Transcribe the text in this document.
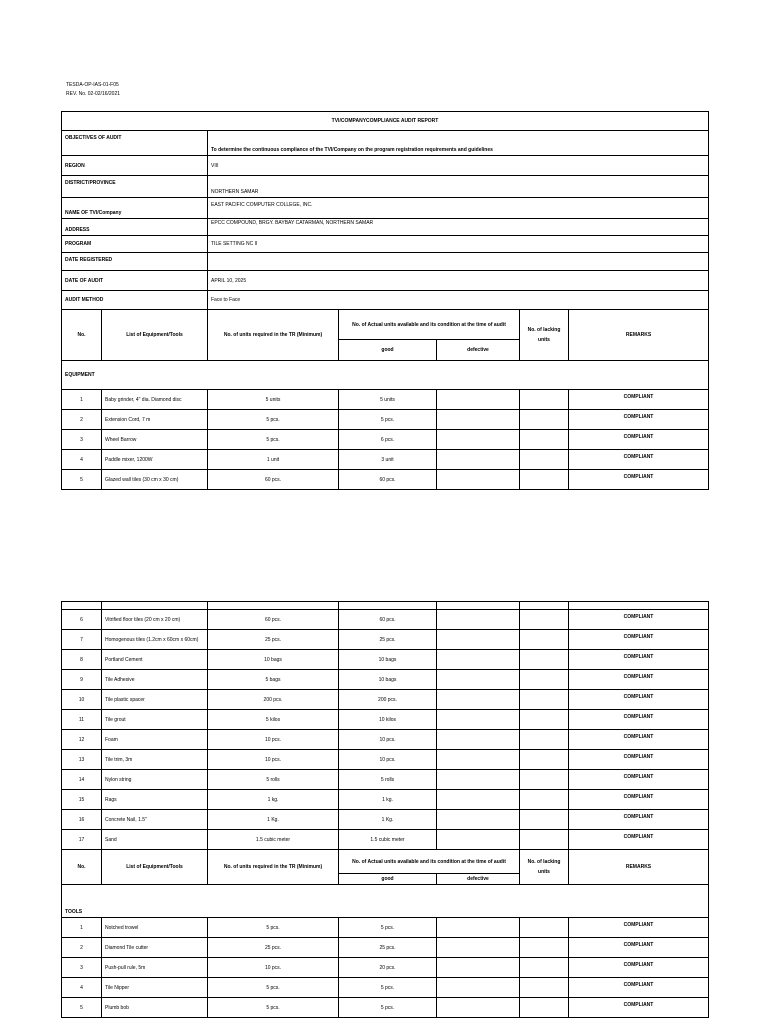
TESDA-OP-IAS-01-F05
REV. No. 02-02/16/2021
TVI/COMPANYCOMPLIANCE AUDIT REPORT						
OBJECTIVES OF AUDIT		To determine the continuous compliance of the TVI/Company on the program registration requirements and guidelines				
REGION		VIII				
DISTRICT/PROVINCE		NORTHERN SAMAR				
NAME OF TVI/Company		EAST PACIFIC COMPUTER COLLEGE, INC.				
ADDRESS		EPCC COMPOUND, BRGY. BAYBAY CATARMAN, NORTHERN SAMAR				
PROGRAM		TILE SETTING NC II				
DATE REGISTERED						
DATE OF AUDIT		APRIL 10, 2025				
AUDIT METHOD		Face to Face				
No.	List of Equipment/Tools	No. of units required in the TR (Minimum)	No. of Actual units available and its condition at the time of audit		No. of lacking units	REMARKS
			good	defective		
EQUIPMENT						
1	Baby grinder, 4" dia. Diamond disc	5 units	5 units			COMPLIANT
2	Extension Cord, 7 m	5 pcs.	5 pcs.			COMPLIANT
3	Wheel Barrow	5 pcs.	6 pcs.			COMPLIANT
4	Paddle mixer, 1200W	1 unit	3 unit			COMPLIANT
5	Glazed wall tiles (30 cm x 30 cm)	60 pcs.	60 pcs.			COMPLIANT

6	Vitrified floor tiles (20 cm x 20 cm)	60 pcs.	60 pcs.			COMPLIANT
7	Homogenous tiles (1.2cm x 60cm x 60cm)	25 pcs.	25 pcs.			COMPLIANT
8	Portland Cement	10 bags	10 bags			COMPLIANT
9	Tile Adhesive	5 bags	10 bags			COMPLIANT
10	Tile plastic spacer	200 pcs.	200 pcs.			COMPLIANT
11	Tile grout	5 kilos	10 kilos			COMPLIANT
12	Foam	10 pcs.	10 pcs.			COMPLIANT
13	Tile trim, 3m	10 pcs.	10 pcs.			COMPLIANT
14	Nylon string	5 rolls	5 rolls			COMPLIANT
15	Rags	1 kg.	1 kg.			COMPLIANT
16	Concrete Nail, 1.5"	1 Kg.	1 Kg.			COMPLIANT
17	Sand	1.5 cubic meter	1.5 cubic meter			COMPLIANT
No.	List of Equipment/Tools	No. of units required in the TR (Minimum)	No. of Actual units available and its condition at the time of audit		No. of lacking units	REMARKS
			good	defective		
TOOLS						
1	Notched trowel	5 pcs.	5 pcs.			COMPLIANT
2	Diamond Tile cutter	25 pcs.	25 pcs.			COMPLIANT
3	Push-pull rule, 5m	10 pcs.	20 pcs.			COMPLIANT
4	Tile Nipper	5 pcs.	5 pcs.			COMPLIANT
5	Plumb bob	5 pcs.	5 pcs.			COMPLIANT
